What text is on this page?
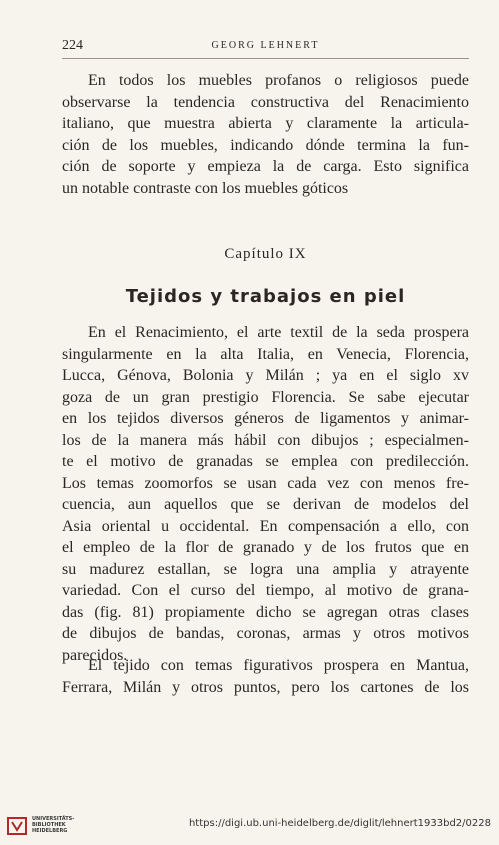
224	GEORG LEHNERT
En todos los muebles profanos o religiosos puede
observarse la tendencia constructiva del Renacimiento
italiano, que muestra abierta y claramente la articula-
ción de los muebles, indicando dónde termina la fun-
ción de soporte y empieza la de carga. Esto significa
un notable contraste con los muebles góticos
Capítulo IX
Tejidos y trabajos en piel
En el Renacimiento, el arte textil de la seda prospera
singularmente en la alta Italia, en Venecia, Florencia,
Lucca, Génova, Bolonia y Milán ; ya en el siglo xv
goza de un gran prestigio Florencia. Se sabe ejecutar
en los tejidos diversos géneros de ligamentos y animar-
los de la manera más hábil con dibujos ; especialmen-
te el motivo de granadas se emplea con predilección.
Los temas zoomorfos se usan cada vez con menos fre-
cuencia, aun aquellos que se derivan de modelos del
Asia oriental u occidental. En compensación a ello, con
el empleo de la flor de granado y de los frutos que en
su madurez estallan, se logra una amplia y atrayente
variedad. Con el curso del tiempo, al motivo de grana-
das (fig. 81) propiamente dicho se agregan otras clases
de dibujos de bandas, coronas, armas y otros motivos
parecidos.
El tejido con temas figurativos prospera en Mantua,
Ferrara, Milán y otros puntos, pero los cartones de los
UNIVERSITÄTS-
BIBLIOTHEK
HEIDELBERG
https://digi.ub.uni-heidelberg.de/diglit/lehnert1933bd2/0228
